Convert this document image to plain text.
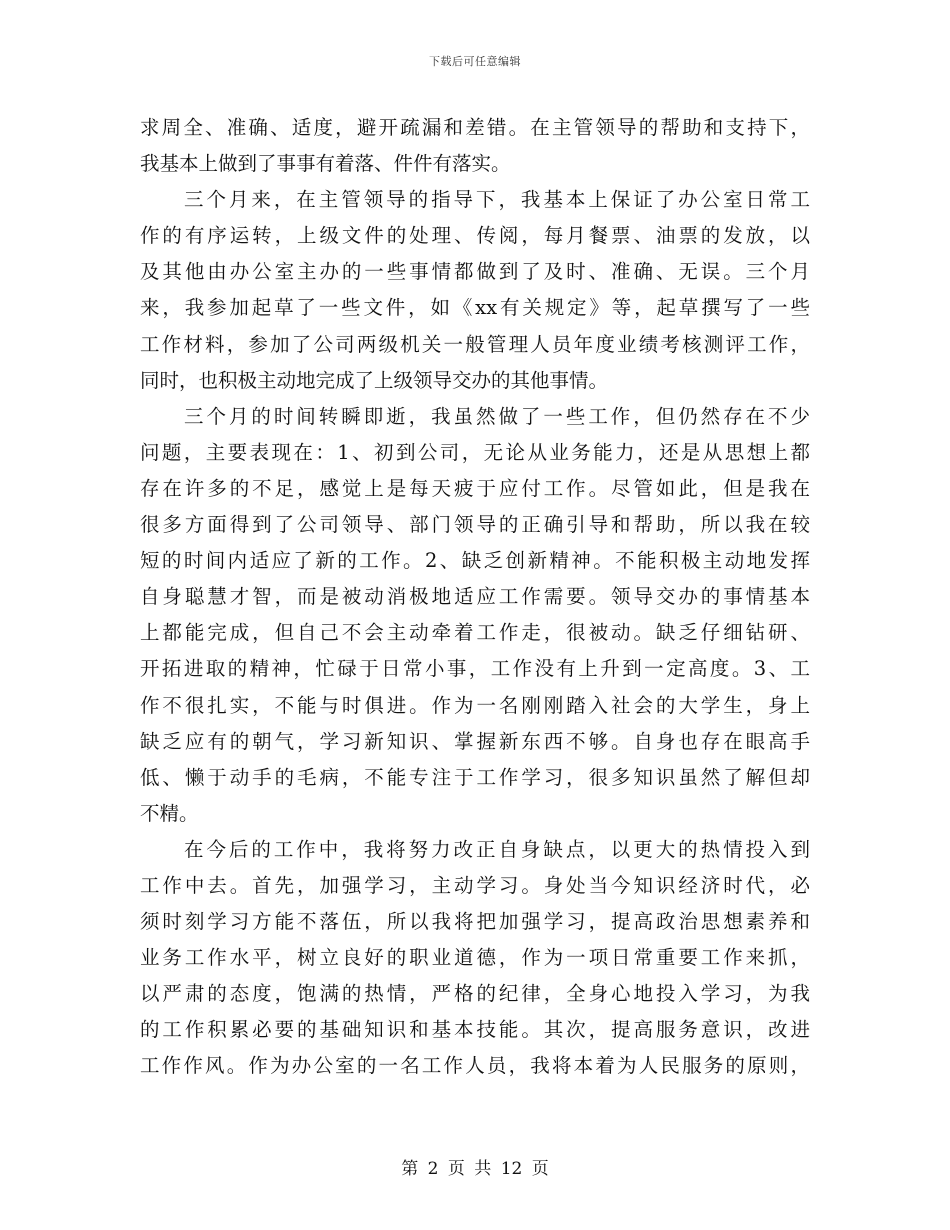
下载后可任意编辑
求周全、准确、适度，避开疏漏和差错。在主管领导的帮助和支持下，
我基本上做到了事事有着落、件件有落实。
三个月来，在主管领导的指导下，我基本上保证了办公室日常工
作的有序运转，上级文件的处理、传阅，每月餐票、油票的发放，以
及其他由办公室主办的一些事情都做到了及时、准确、无误。三个月
来，我参加起草了一些文件，如《xx有关规定》等，起草撰写了一些
工作材料，参加了公司两级机关一般管理人员年度业绩考核测评工作，
同时，也积极主动地完成了上级领导交办的其他事情。
三个月的时间转瞬即逝，我虽然做了一些工作，但仍然存在不少
问题，主要表现在：1、初到公司，无论从业务能力，还是从思想上都
存在许多的不足，感觉上是每天疲于应付工作。尽管如此，但是我在
很多方面得到了公司领导、部门领导的正确引导和帮助，所以我在较
短的时间内适应了新的工作。2、缺乏创新精神。不能积极主动地发挥
自身聪慧才智，而是被动消极地适应工作需要。领导交办的事情基本
上都能完成，但自己不会主动牵着工作走，很被动。缺乏仔细钻研、
开拓进取的精神，忙碌于日常小事，工作没有上升到一定高度。3、工
作不很扎实，不能与时俱进。作为一名刚刚踏入社会的大学生，身上
缺乏应有的朝气，学习新知识、掌握新东西不够。自身也存在眼高手
低、懒于动手的毛病，不能专注于工作学习，很多知识虽然了解但却
不精。
在今后的工作中，我将努力改正自身缺点，以更大的热情投入到
工作中去。首先，加强学习，主动学习。身处当今知识经济时代，必
须时刻学习方能不落伍，所以我将把加强学习，提高政治思想素养和
业务工作水平，树立良好的职业道德，作为一项日常重要工作来抓，
以严肃的态度，饱满的热情，严格的纪律，全身心地投入学习，为我
的工作积累必要的基础知识和基本技能。其次，提高服务意识，改进
工作作风。作为办公室的一名工作人员，我将本着为人民服务的原则，
第 2 页 共 12 页
